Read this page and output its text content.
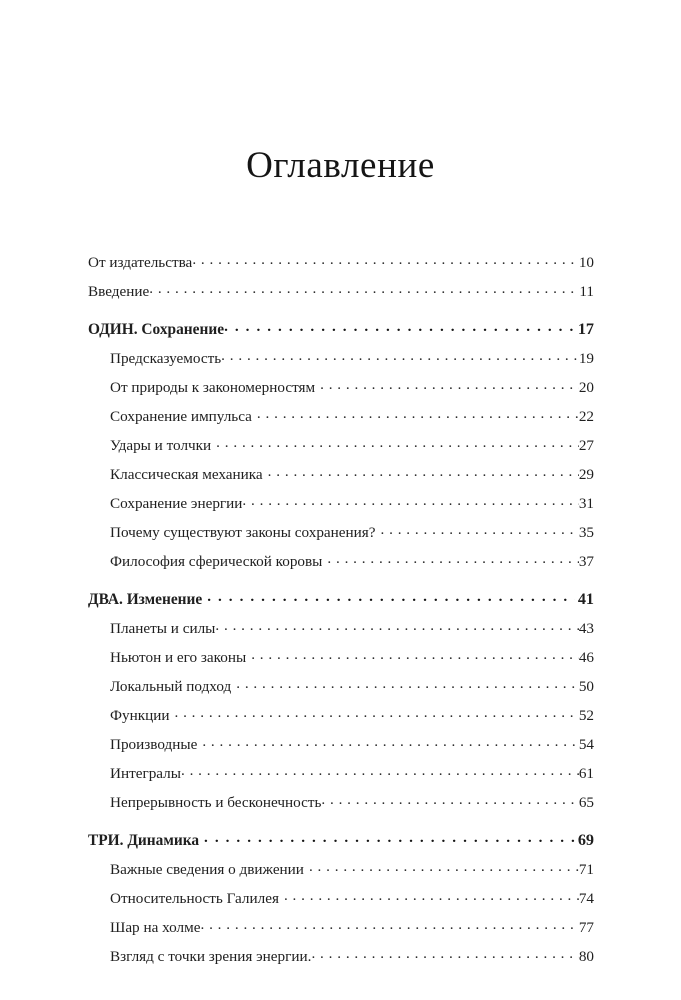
Оглавление
От издательства . . .	10
Введение . . .	11
ОДИН. Сохранение . . .	17
Предсказуемость . . .	19
От природы к закономерностям . . .	20
Сохранение импульса . . .	22
Удары и толчки . . .	27
Классическая механика . . .	29
Сохранение энергии . . .	31
Почему существуют законы сохранения? . . .	35
Философия сферической коровы . . .	37
ДВА. Изменение . . .	41
Планеты и силы . . .	43
Ньютон и его законы . . .	46
Локальный подход . . .	50
Функции . . .	52
Производные . . .	54
Интегралы . . .	61
Непрерывность и бесконечность . . .	65
ТРИ. Динамика . . .	69
Важные сведения о движении . . .	71
Относительность Галилея . . .	74
Шар на холме . . .	77
Взгляд с точки зрения энергии. . . .	80
